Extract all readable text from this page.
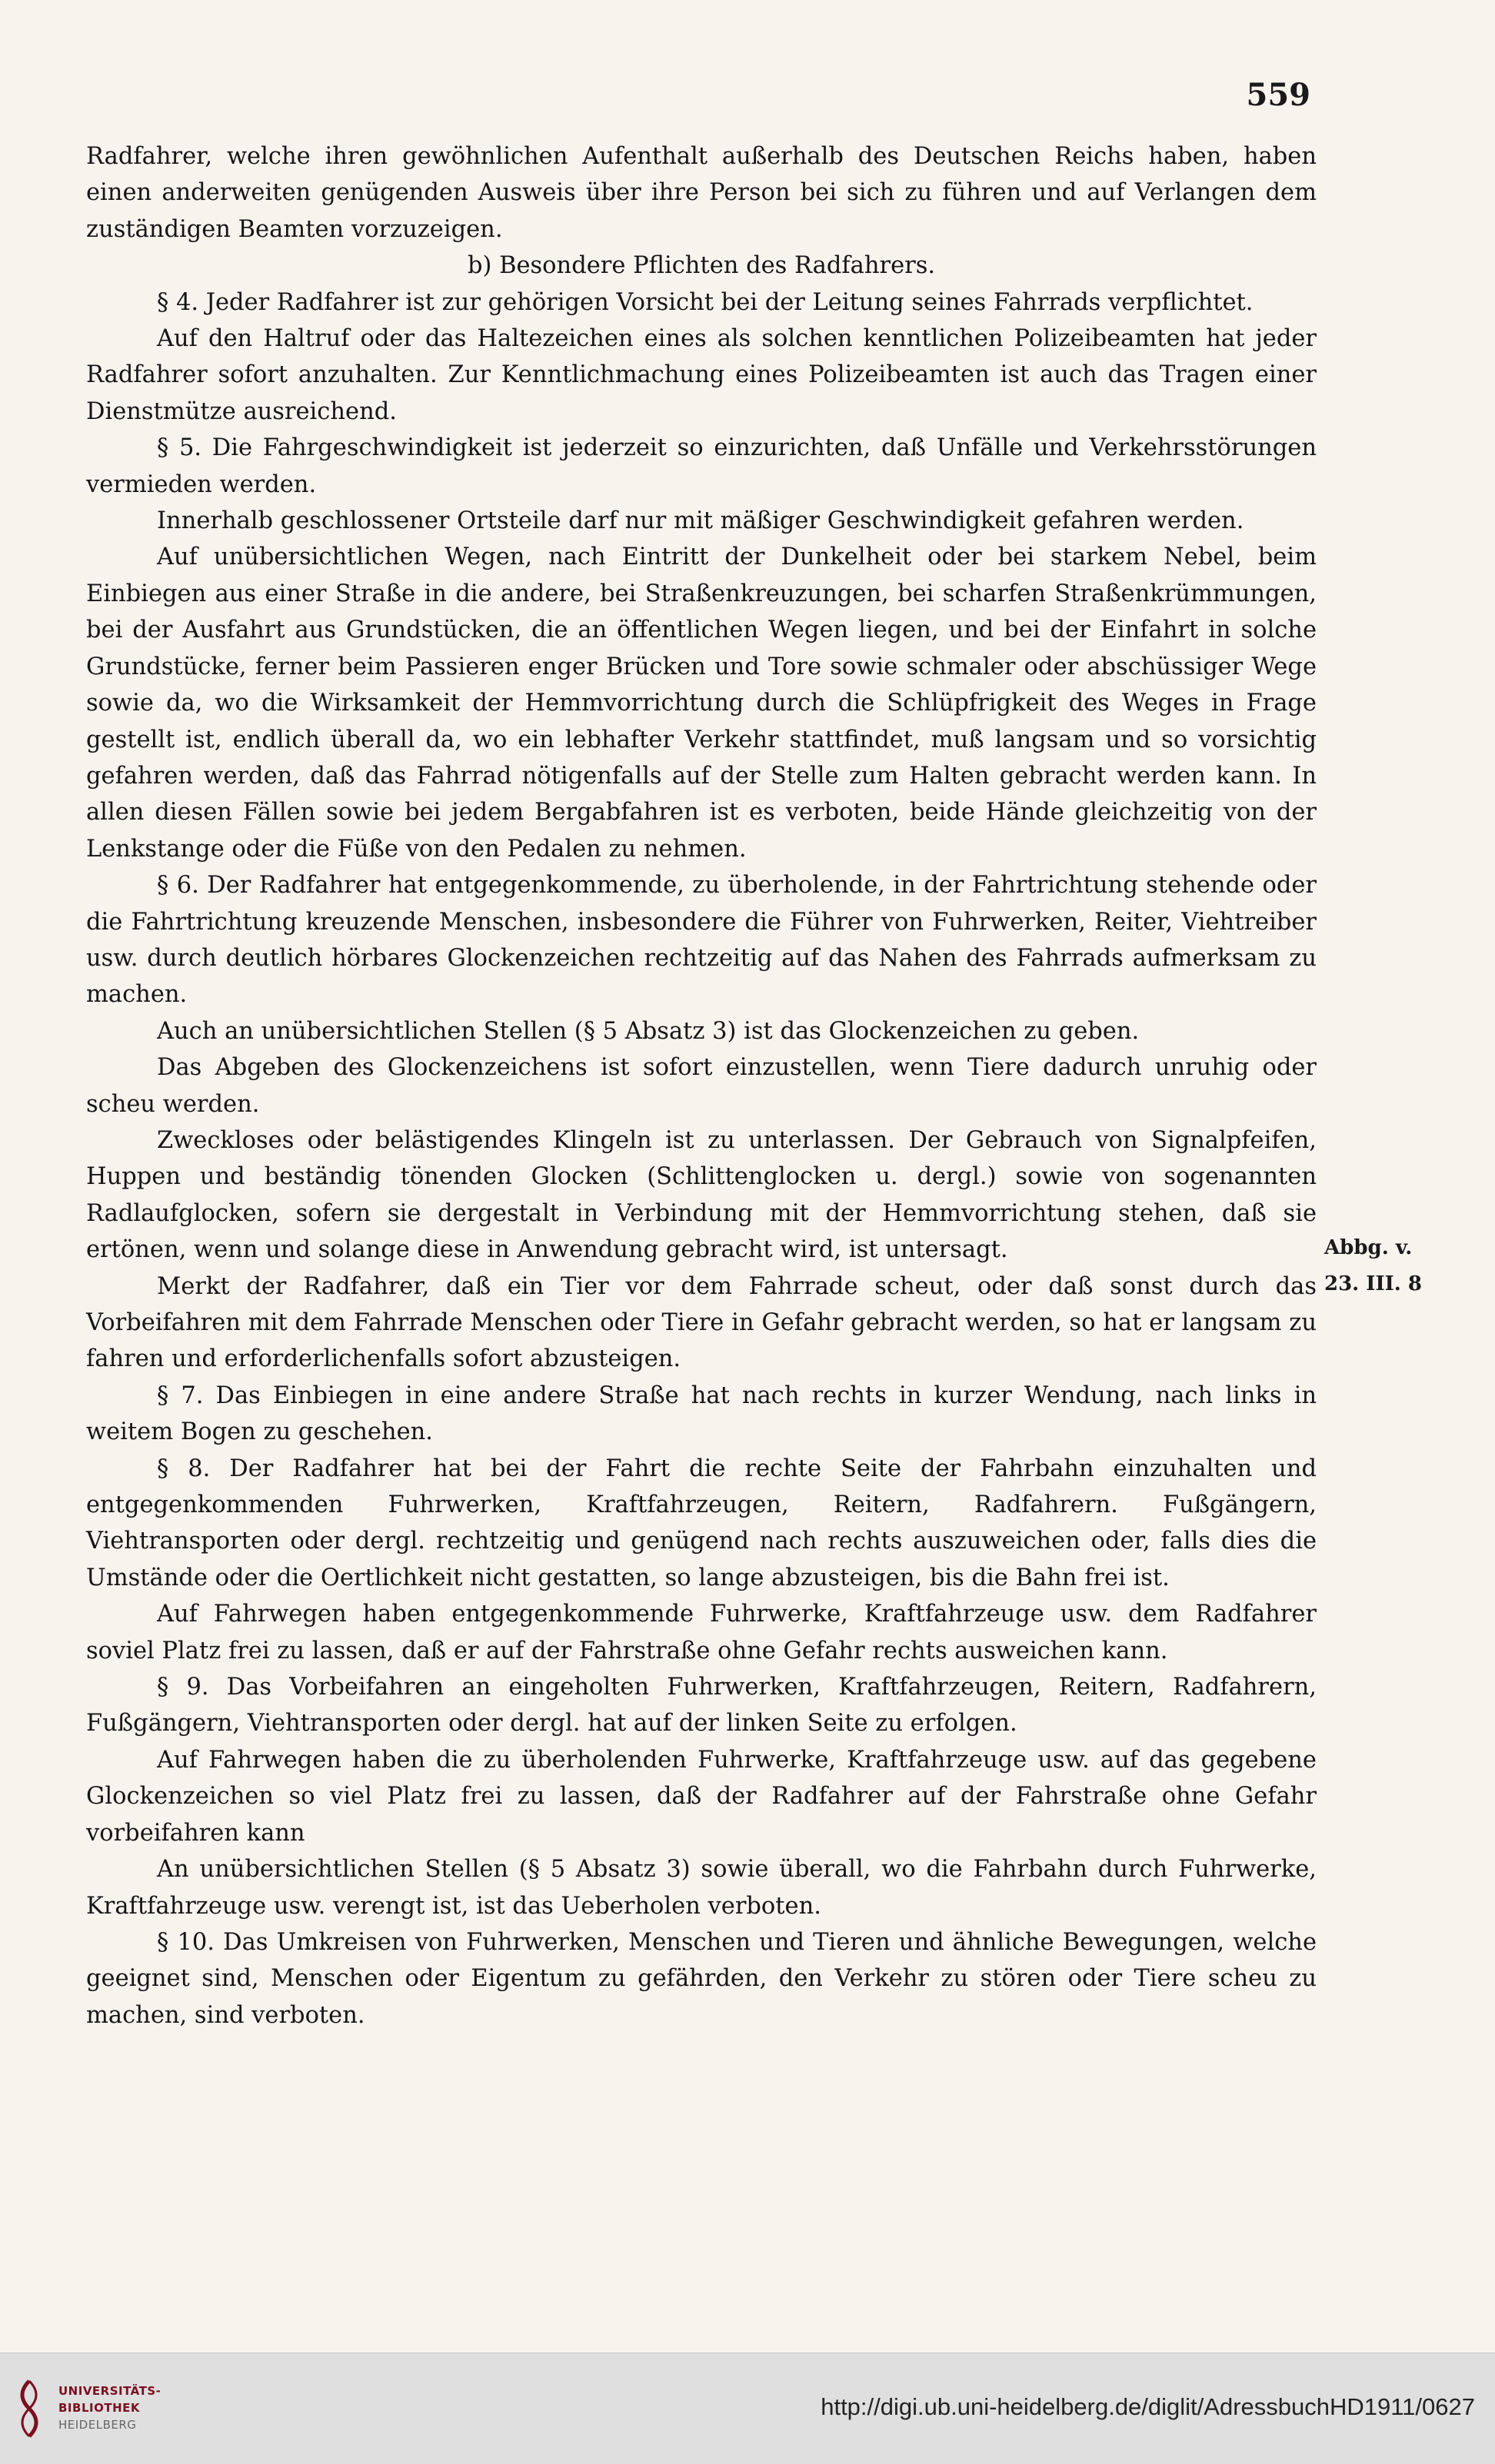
559

Radfahrer, welche ihren gewöhnlichen Aufenthalt außerhalb des Deutschen Reichs haben, haben einen anderweiten genügenden Ausweis über ihre Person bei sich zu führen und auf Verlangen dem zuständigen Beamten vorzuzeigen.

b) Besondere Pflichten des Radfahrers.

§ 4. Jeder Radfahrer ist zur gehörigen Vorsicht bei der Leitung seines Fahrrads verpflichtet.

Auf den Haltruf oder das Haltezeichen eines als solchen kenntlichen Polizeibeamten hat jeder Radfahrer sofort anzuhalten. Zur Kenntlichmachung eines Polizeibeamten ist auch das Tragen einer Dienstmütze ausreichend.

§ 5. Die Fahrgeschwindigkeit ist jederzeit so einzurichten, daß Unfälle und Verkehrsstörungen vermieden werden.

Innerhalb geschlossener Ortsteile darf nur mit mäßiger Geschwindigkeit gefahren werden.

Auf unübersichtlichen Wegen, nach Eintritt der Dunkelheit oder bei starkem Nebel, beim Einbiegen aus einer Straße in die andere, bei Straßenkreuzungen, bei scharfen Straßenkrümmungen, bei der Ausfahrt aus Grundstücken, die an öffentlichen Wegen liegen, und bei der Einfahrt in solche Grundstücke, ferner beim Passieren enger Brücken und Tore sowie schmaler oder abschüssiger Wege sowie da, wo die Wirksamkeit der Hemmvorrichtung durch die Schlüpfrigkeit des Weges in Frage gestellt ist, endlich überall da, wo ein lebhafter Verkehr stattfindet, muß langsam und so vorsichtig gefahren werden, daß das Fahrrad nötigenfalls auf der Stelle zum Halten gebracht werden kann. In allen diesen Fällen sowie bei jedem Bergabfahren ist es verboten, beide Hände gleichzeitig von der Lenkstange oder die Füße von den Pedalen zu nehmen.

§ 6. Der Radfahrer hat entgegenkommende, zu überholende, in der Fahrtrichtung stehende oder die Fahrtrichtung kreuzende Menschen, insbesondere die Führer von Fuhrwerken, Reiter, Viehtreiber usw. durch deutlich hörbares Glockenzeichen rechtzeitig auf das Nahen des Fahrrads aufmerksam zu machen.

Auch an unübersichtlichen Stellen (§ 5 Absatz 3) ist das Glockenzeichen zu geben.

Das Abgeben des Glockenzeichens ist sofort einzustellen, wenn Tiere dadurch unruhig oder scheu werden.

Zweckloses oder belästigendes Klingeln ist zu unterlassen. Der Gebrauch von Signalpfeifen, Huppen und beständig tönenden Glocken (Schlittenglocken u. dergl.) sowie von sogenannten Radlaufglocken, sofern sie dergestalt in Verbindung mit der Hemmvorrichtung stehen, daß sie ertönen, wenn und solange diese in Anwendung gebracht wird, ist untersagt.

Merkt der Radfahrer, daß ein Tier vor dem Fahrrade scheut, oder daß sonst durch das Vorbeifahren mit dem Fahrrade Menschen oder Tiere in Gefahr gebracht werden, so hat er langsam zu fahren und erforderlichenfalls sofort abzusteigen.

§ 7. Das Einbiegen in eine andere Straße hat nach rechts in kurzer Wendung, nach links in weitem Bogen zu geschehen.

§ 8. Der Radfahrer hat bei der Fahrt die rechte Seite der Fahrbahn einzuhalten und entgegenkommenden Fuhrwerken, Kraftfahrzeugen, Reitern, Radfahrern. Fußgängern, Viehtransporten oder dergl. rechtzeitig und genügend nach rechts auszuweichen oder, falls dies die Umstände oder die Oertlichkeit nicht gestatten, so lange abzusteigen, bis die Bahn frei ist.

Auf Fahrwegen haben entgegenkommende Fuhrwerke, Kraftfahrzeuge usw. dem Radfahrer soviel Platz frei zu lassen, daß er auf der Fahrstraße ohne Gefahr rechts ausweichen kann.

§ 9. Das Vorbeifahren an eingeholten Fuhrwerken, Kraftfahrzeugen, Reitern, Radfahrern, Fußgängern, Viehtransporten oder dergl. hat auf der linken Seite zu erfolgen.

Auf Fahrwegen haben die zu überholenden Fuhrwerke, Kraftfahrzeuge usw. auf das gegebene Glockenzeichen so viel Platz frei zu lassen, daß der Radfahrer auf der Fahrstraße ohne Gefahr vorbeifahren kann

An unübersichtlichen Stellen (§ 5 Absatz 3) sowie überall, wo die Fahrbahn durch Fuhrwerke, Kraftfahrzeuge usw. verengt ist, ist das Ueberholen verboten.

§ 10. Das Umkreisen von Fuhrwerken, Menschen und Tieren und ähnliche Bewegungen, welche geeignet sind, Menschen oder Eigentum zu gefährden, den Verkehr zu stören oder Tiere scheu zu machen, sind verboten.

Abbg. v.
23. III. 8
UNIVERSITÄTS-
BIBLIOTHEK
HEIDELBERG
http://digi.ub.uni-heidelberg.de/diglit/AdressbuchHD1911/0627
